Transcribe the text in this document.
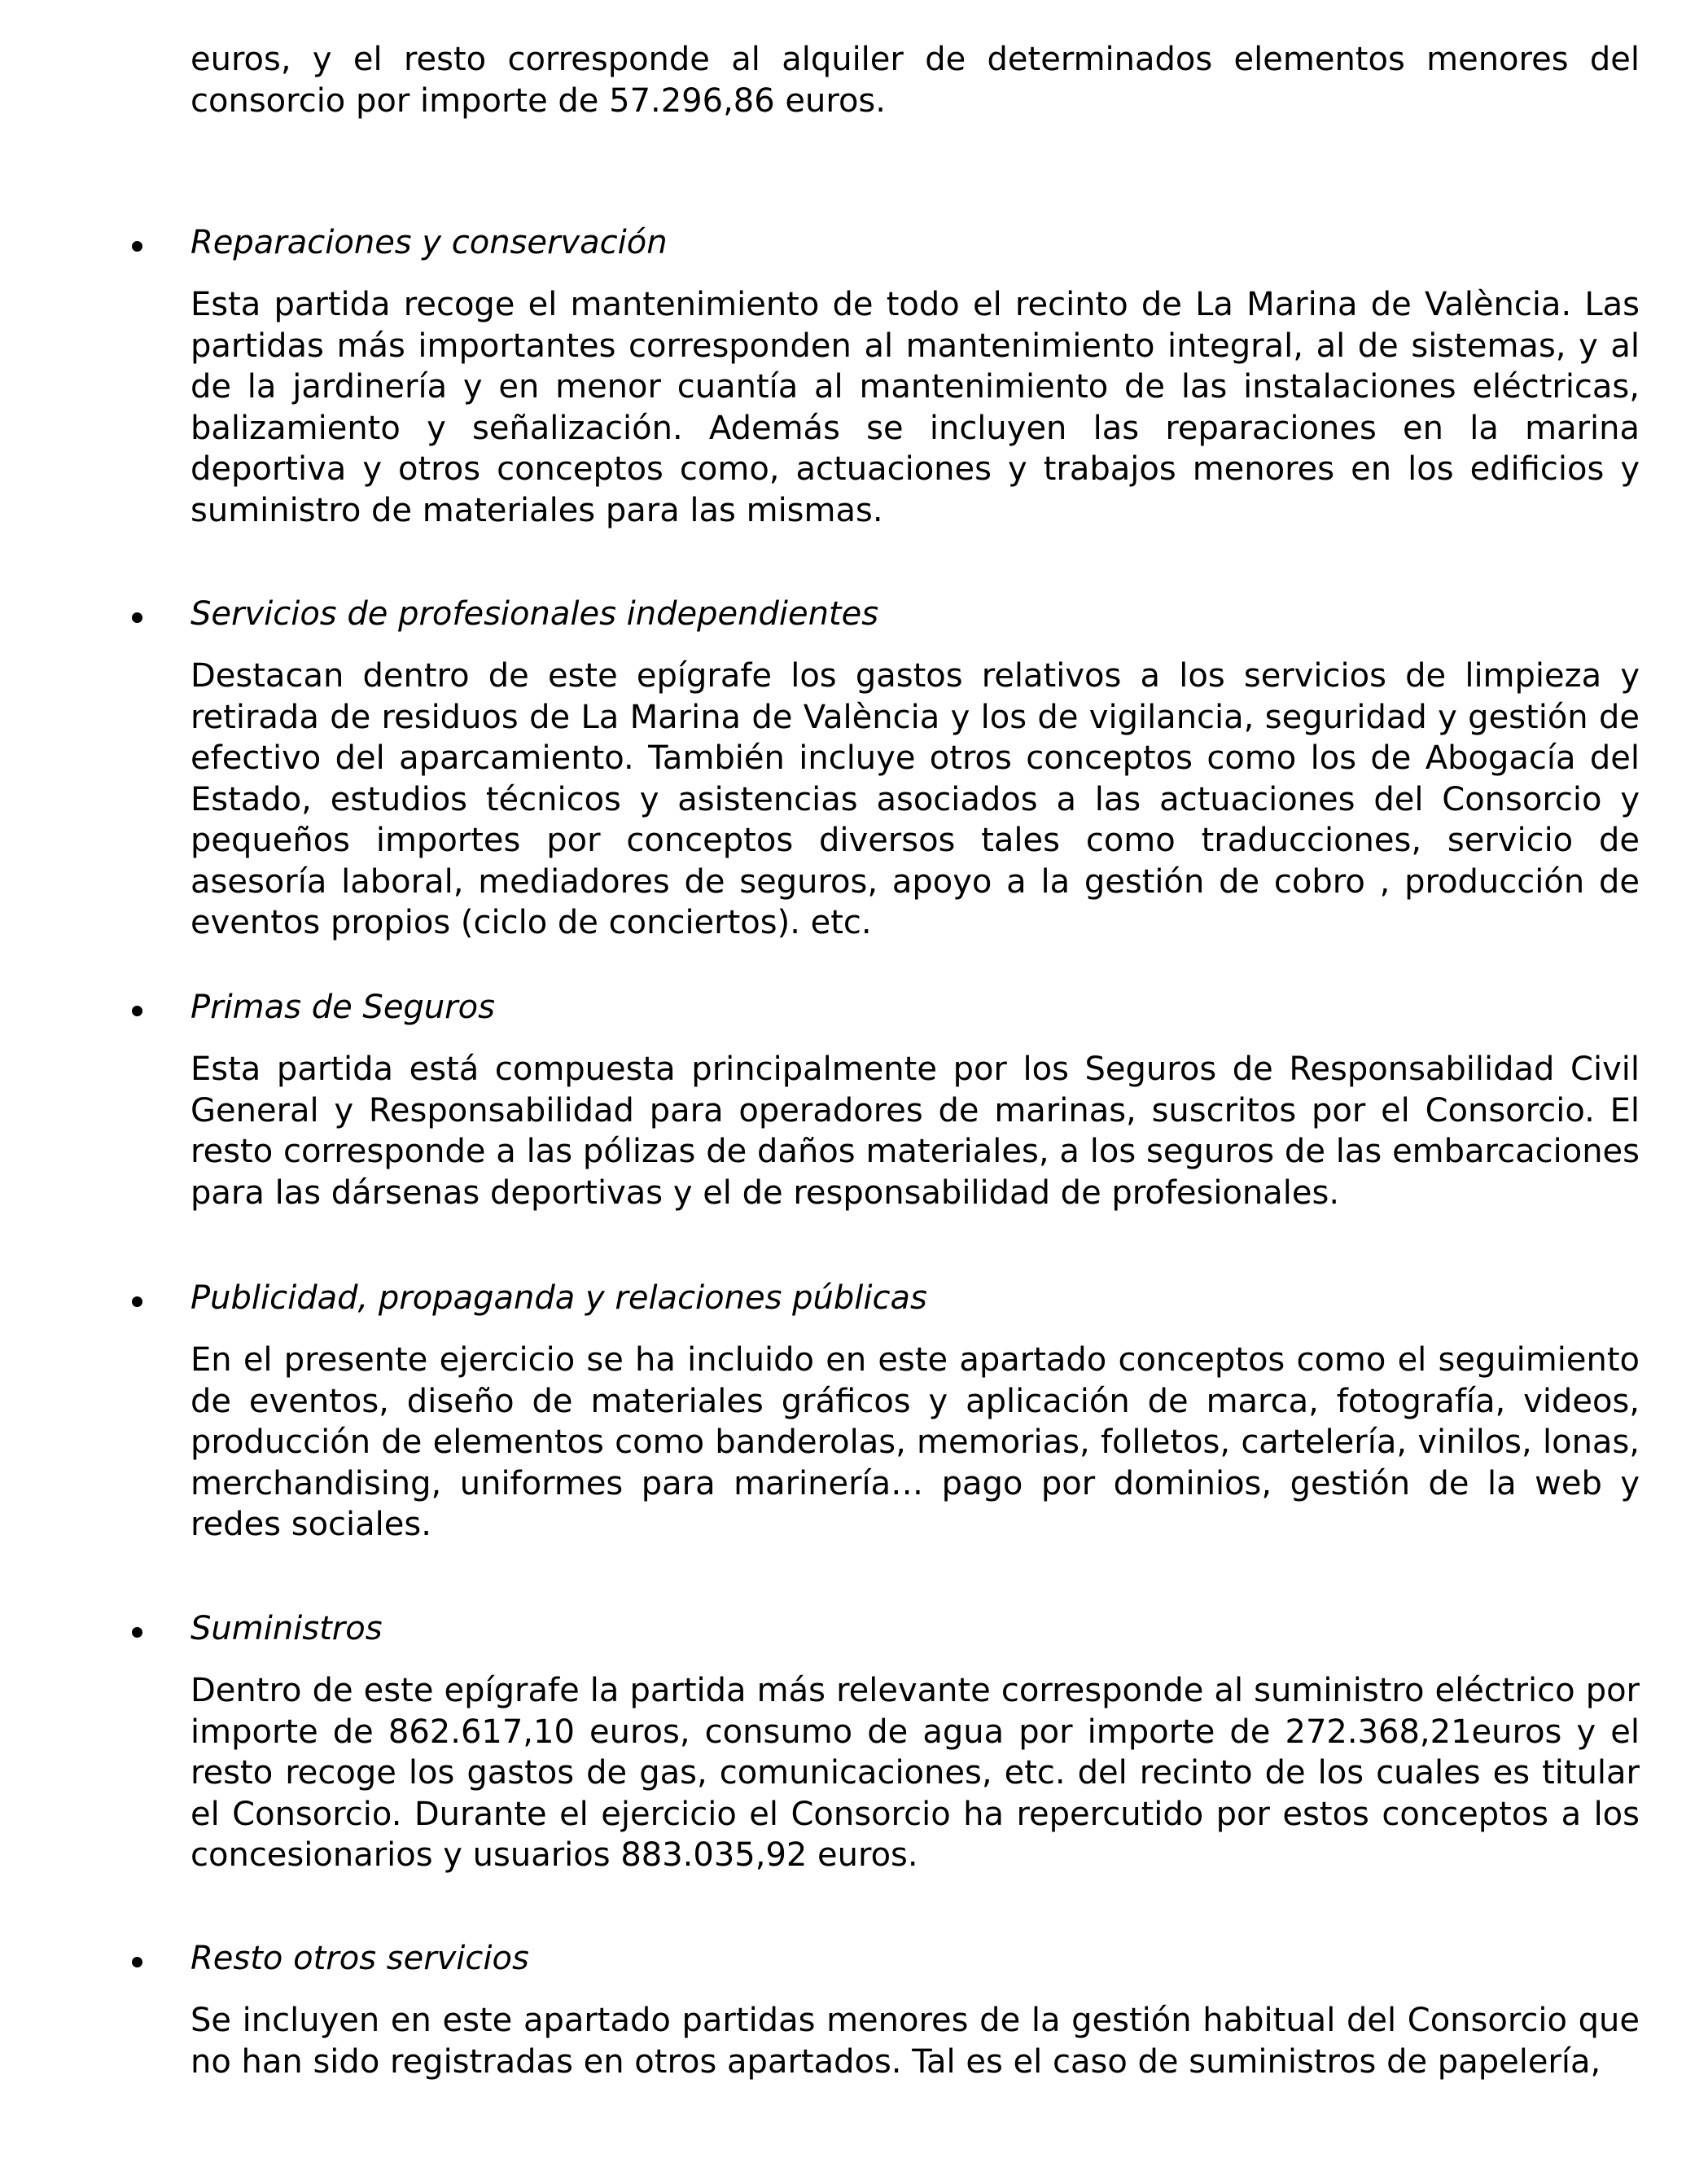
euros, y el resto corresponde al alquiler de determinados elementos menores del consorcio por importe de 57.296,86 euros.

Reparaciones y conservación

Esta partida recoge el mantenimiento de todo el recinto de La Marina de València. Las partidas más importantes corresponden al mantenimiento integral, al de sistemas, y al de la jardinería y en menor cuantía al mantenimiento de las instalaciones eléctricas, balizamiento y señalización. Además se incluyen las reparaciones en la marina deportiva y otros conceptos como, actuaciones y trabajos menores en los edificios y suministro de materiales para las mismas.

Servicios de profesionales independientes

Destacan dentro de este epígrafe los gastos relativos a los servicios de limpieza y retirada de residuos de La Marina de València y los de vigilancia, seguridad y gestión de efectivo del aparcamiento. También incluye otros conceptos como los de Abogacía del Estado, estudios técnicos y asistencias asociados a las actuaciones del Consorcio y pequeños importes por conceptos diversos tales como traducciones, servicio de asesoría laboral, mediadores de seguros, apoyo a la gestión de cobro , producción de eventos propios (ciclo de conciertos). etc.

Primas de Seguros

Esta partida está compuesta principalmente por los Seguros de Responsabilidad Civil General y Responsabilidad para operadores de marinas, suscritos por el Consorcio. El resto corresponde a las pólizas de daños materiales, a los seguros de las embarcaciones para las dársenas deportivas y el de responsabilidad de profesionales.

Publicidad, propaganda y relaciones públicas

En el presente ejercicio se ha incluido en este apartado conceptos como el seguimiento de eventos, diseño de materiales gráficos y aplicación de marca, fotografía, videos, producción de elementos como banderolas, memorias, folletos, cartelería, vinilos, lonas, merchandising, uniformes para marinería… pago por dominios, gestión de la web y redes sociales.

Suministros

Dentro de este epígrafe la partida más relevante corresponde al suministro eléctrico por importe de 862.617,10 euros, consumo de agua por importe de 272.368,21euros y el resto recoge los gastos de gas, comunicaciones, etc. del recinto de los cuales es titular el Consorcio. Durante el ejercicio el Consorcio ha repercutido por estos conceptos a los concesionarios y usuarios 883.035,92 euros.

Resto otros servicios

Se incluyen en este apartado partidas menores de la gestión habitual del Consorcio que no han sido registradas en otros apartados. Tal es el caso de suministros de papelería,
